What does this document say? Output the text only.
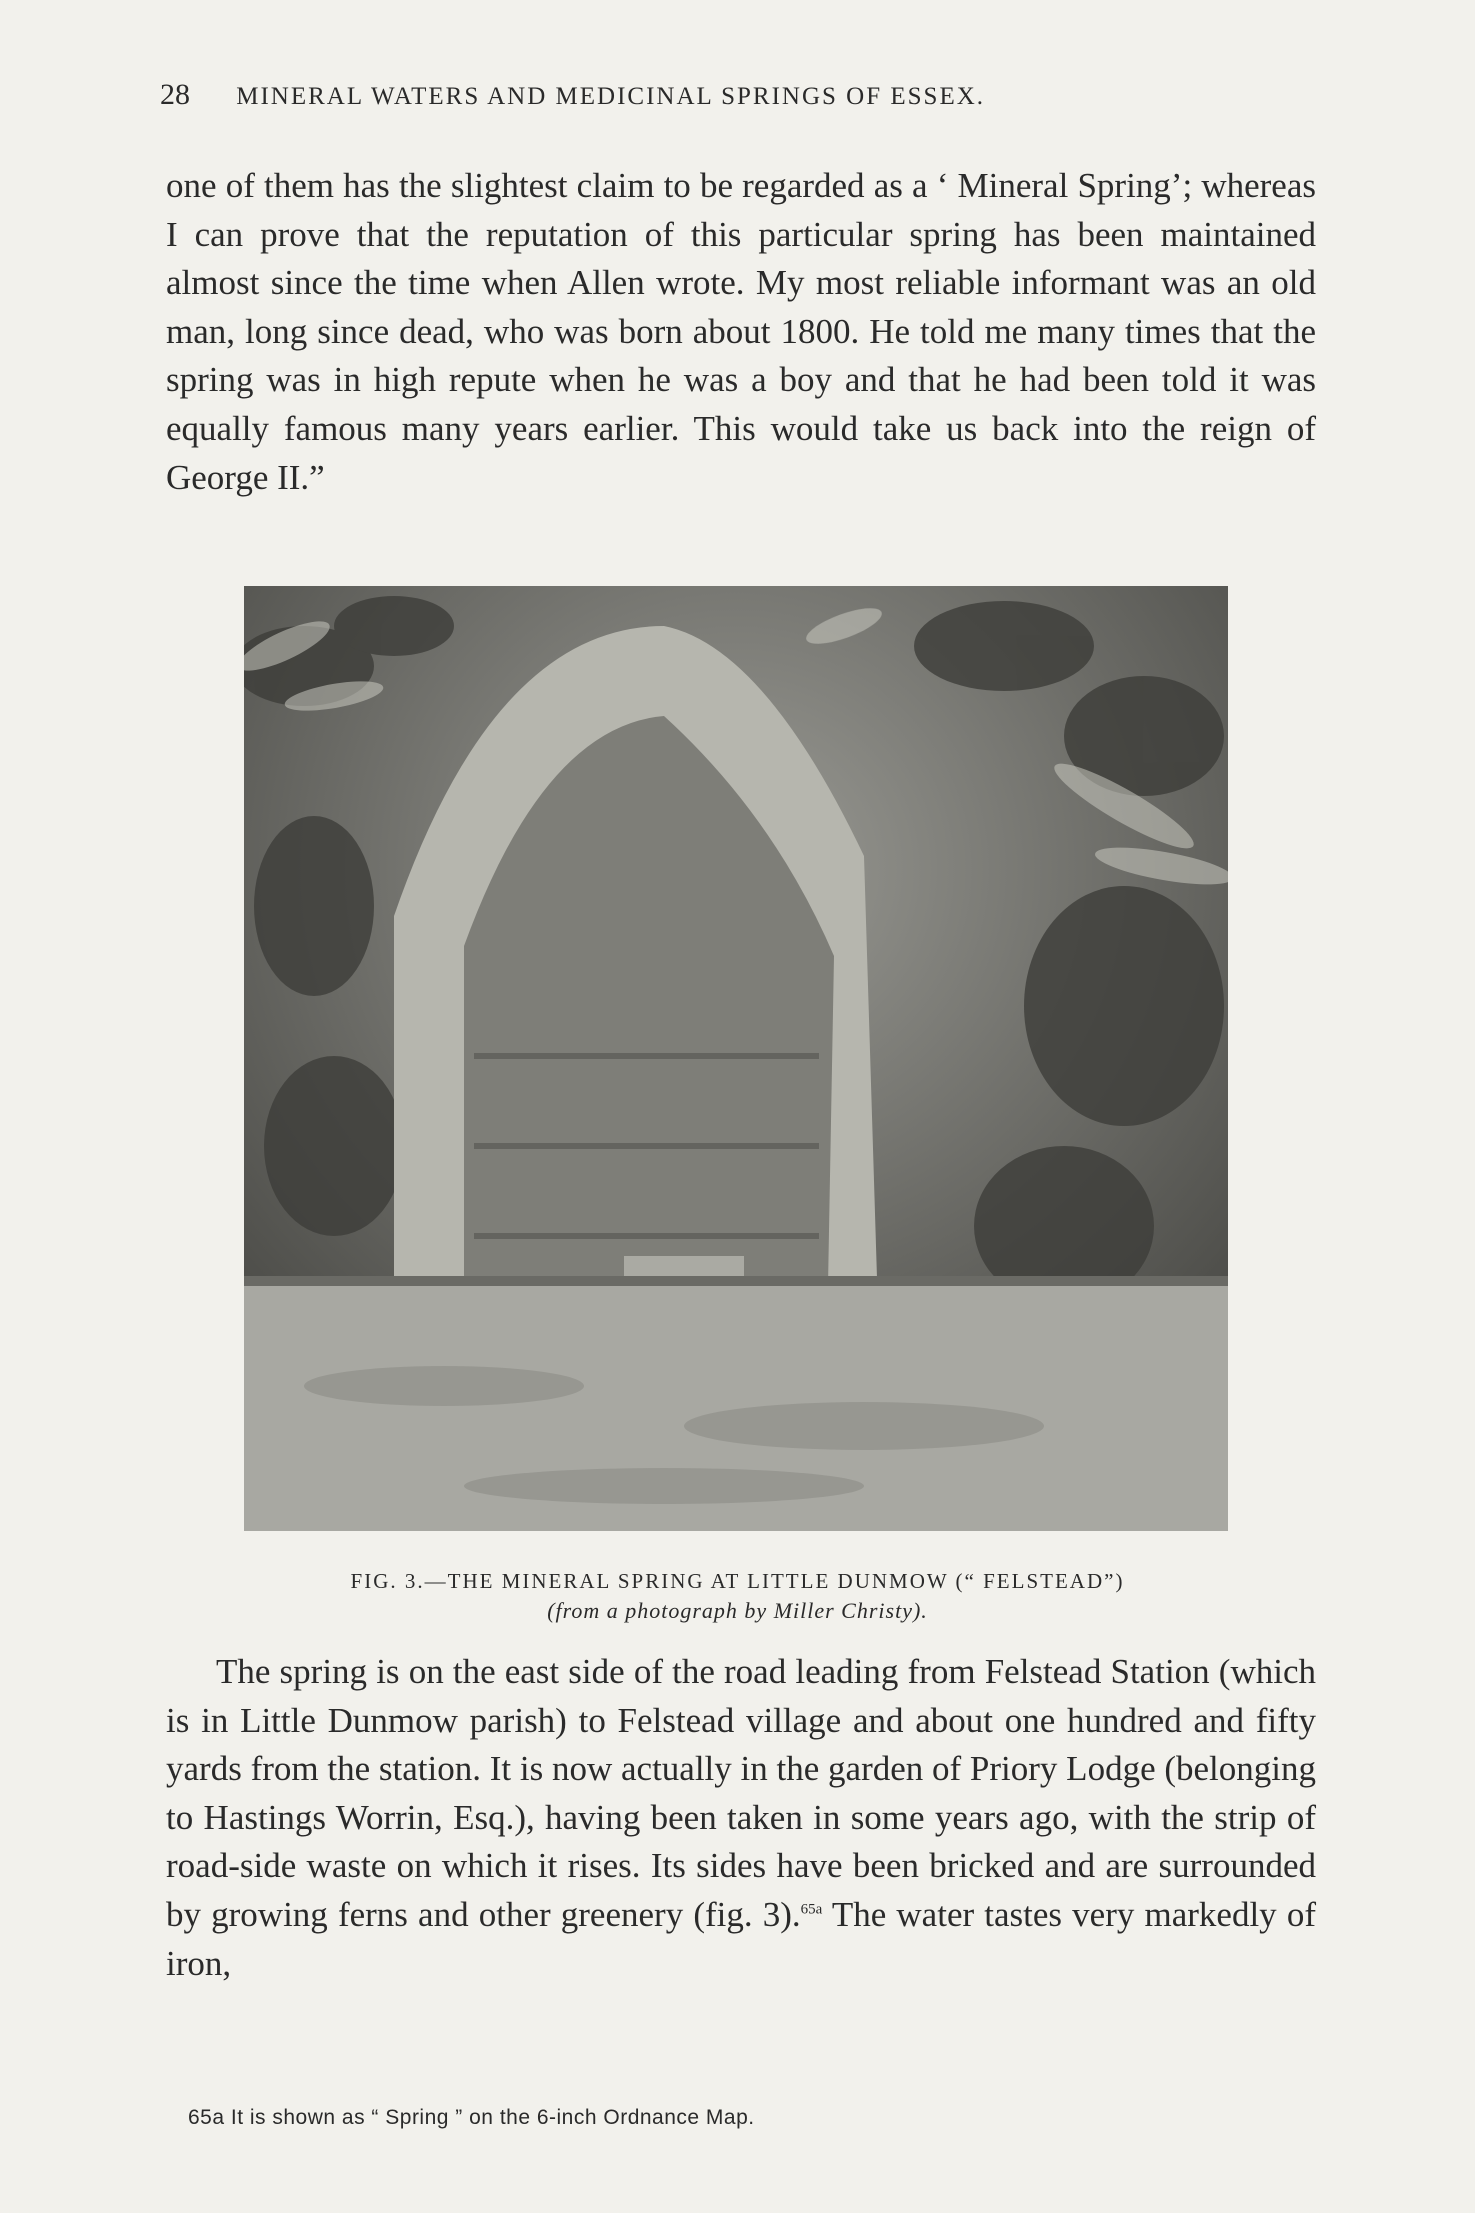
28 MINERAL WATERS AND MEDICINAL SPRINGS OF ESSEX.

one of them has the slightest claim to be regarded as a ‘ Mineral Spring’; whereas I can prove that the reputation of this particular spring has been maintained almost since the time when Allen wrote. My most reliable informant was an old man, long since dead, who was born about 1800. He told me many times that the spring was in high repute when he was a boy and that he had been told it was equally famous many years earlier. This would take us back into the reign of George II.”

FIG. 3.—THE MINERAL SPRING AT LITTLE DUNMOW (“ FELSTEAD”)
(from a photograph by Miller Christy).

The spring is on the east side of the road leading from Felstead Station (which is in Little Dunmow parish) to Felstead village and about one hundred and fifty yards from the station. It is now actually in the garden of Priory Lodge (belonging to Hastings Worrin, Esq.), having been taken in some years ago, with the strip of road-side waste on which it rises. Its sides have been bricked and are surrounded by growing ferns and other greenery (fig. 3).$^{65a}$ The water tastes very markedly of iron,

65a It is shown as “ Spring ” on the 6-inch Ordnance Map.
